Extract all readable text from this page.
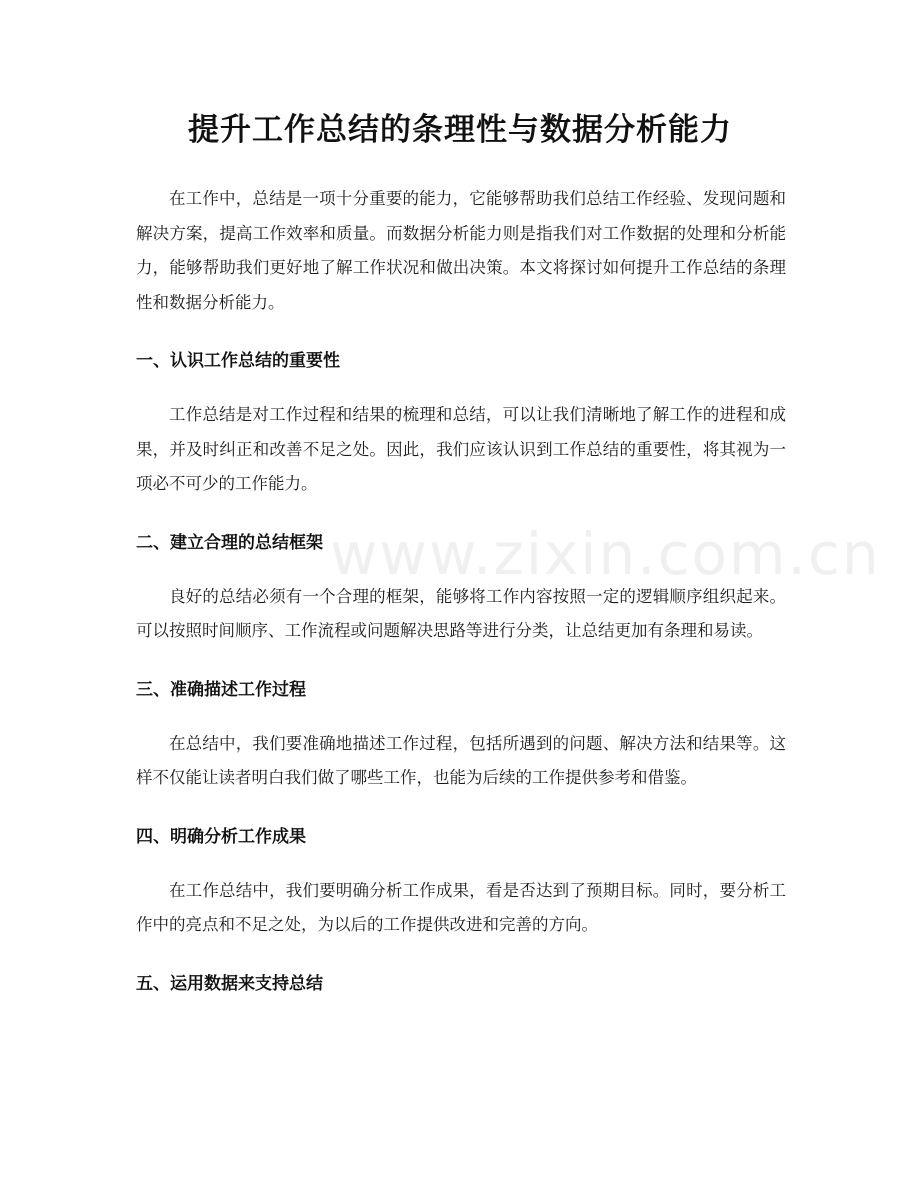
www.zixin.com.cn
提升工作总结的条理性与数据分析能力

在工作中，总结是一项十分重要的能力，它能够帮助我们总结工作经验、发现问题和解决方案，提高工作效率和质量。而数据分析能力则是指我们对工作数据的处理和分析能力，能够帮助我们更好地了解工作状况和做出决策。本文将探讨如何提升工作总结的条理性和数据分析能力。

一、认识工作总结的重要性

工作总结是对工作过程和结果的梳理和总结，可以让我们清晰地了解工作的进程和成果，并及时纠正和改善不足之处。因此，我们应该认识到工作总结的重要性，将其视为一项必不可少的工作能力。

二、建立合理的总结框架

良好的总结必须有一个合理的框架，能够将工作内容按照一定的逻辑顺序组织起来。可以按照时间顺序、工作流程或问题解决思路等进行分类，让总结更加有条理和易读。

三、准确描述工作过程

在总结中，我们要准确地描述工作过程，包括所遇到的问题、解决方法和结果等。这样不仅能让读者明白我们做了哪些工作，也能为后续的工作提供参考和借鉴。

四、明确分析工作成果

在工作总结中，我们要明确分析工作成果，看是否达到了预期目标。同时，要分析工作中的亮点和不足之处，为以后的工作提供改进和完善的方向。

五、运用数据来支持总结
